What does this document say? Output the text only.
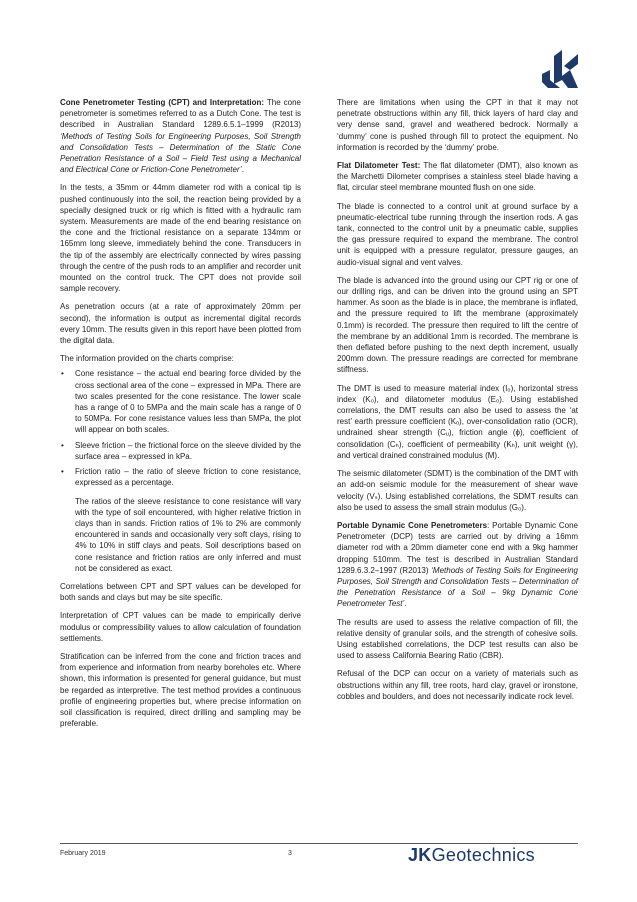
Cone Penetrometer Testing (CPT) and Interpretation: The cone penetrometer is sometimes referred to as a Dutch Cone. The test is described in Australian Standard 1289.6.5.1–1999 (R2013) ‘Methods of Testing Soils for Engineering Purposes, Soil Strength and Consolidation Tests – Determination of the Static Cone Penetration Resistance of a Soil – Field Test using a Mechanical and Electrical Cone or Friction-Cone Penetrometer’.

In the tests, a 35mm or 44mm diameter rod with a conical tip is pushed continuously into the soil, the reaction being provided by a specially designed truck or rig which is fitted with a hydraulic ram system. Measurements are made of the end bearing resistance on the cone and the frictional resistance on a separate 134mm or 165mm long sleeve, immediately behind the cone. Transducers in the tip of the assembly are electrically connected by wires passing through the centre of the push rods to an amplifier and recorder unit mounted on the control truck. The CPT does not provide soil sample recovery.

As penetration occurs (at a rate of approximately 20mm per second), the information is output as incremental digital records every 10mm. The results given in this report have been plotted from the digital data.

The information provided on the charts comprise:

• Cone resistance – the actual end bearing force divided by the cross sectional area of the cone – expressed in MPa. There are two scales presented for the cone resistance. The lower scale has a range of 0 to 5MPa and the main scale has a range of 0 to 50MPa. For cone resistance values less than 5MPa, the plot will appear on both scales.
• Sleeve friction – the frictional force on the sleeve divided by the surface area – expressed in kPa.
• Friction ratio – the ratio of sleeve friction to cone resistance, expressed as a percentage.

The ratios of the sleeve resistance to cone resistance will vary with the type of soil encountered, with higher relative friction in clays than in sands. Friction ratios of 1% to 2% are commonly encountered in sands and occasionally very soft clays, rising to 4% to 10% in stiff clays and peats. Soil descriptions based on cone resistance and friction ratios are only inferred and must not be considered as exact.

Correlations between CPT and SPT values can be developed for both sands and clays but may be site specific.

Interpretation of CPT values can be made to empirically derive modulus or compressibility values to allow calculation of foundation settlements.

Stratification can be inferred from the cone and friction traces and from experience and information from nearby boreholes etc. Where shown, this information is presented for general guidance, but must be regarded as interpretive. The test method provides a continuous profile of engineering properties but, where precise information on soil classification is required, direct drilling and sampling may be preferable.

There are limitations when using the CPT in that it may not penetrate obstructions within any fill, thick layers of hard clay and very dense sand, gravel and weathered bedrock. Normally a ‘dummy’ cone is pushed through fill to protect the equipment. No information is recorded by the ‘dummy’ probe.

Flat Dilatometer Test: The flat dilatometer (DMT), also known as the Marchetti Dilometer comprises a stainless steel blade having a flat, circular steel membrane mounted flush on one side.

The blade is connected to a control unit at ground surface by a pneumatic-electrical tube running through the insertion rods. A gas tank, connected to the control unit by a pneumatic cable, supplies the gas pressure required to expand the membrane. The control unit is equipped with a pressure regulator, pressure gauges, an audio-visual signal and vent valves.

The blade is advanced into the ground using our CPT rig or one of our drilling rigs, and can be driven into the ground using an SPT hammer. As soon as the blade is in place, the membrane is inflated, and the pressure required to lift the membrane (approximately 0.1mm) is recorded. The pressure then required to lift the centre of the membrane by an additional 1mm is recorded. The membrane is then deflated before pushing to the next depth increment, usually 200mm down. The pressure readings are corrected for membrane stiffness.

The DMT is used to measure material index (I₀), horizontal stress index (K₀), and dilatometer modulus (E₀). Using established correlations, the DMT results can also be used to assess the ‘at rest’ earth pressure coefficient (Kₒ), over-consolidation ratio (OCR), undrained shear strength (Cᵤ), friction angle (ϕ), coefficient of consolidation (Cₕ), coefficient of permeability (Kₕ), unit weight (γ), and vertical drained constrained modulus (M).

The seismic dilatometer (SDMT) is the combination of the DMT with an add-on seismic module for the measurement of shear wave velocity (Vₛ). Using established correlations, the SDMT results can also be used to assess the small strain modulus (G₀).

Portable Dynamic Cone Penetrometers: Portable Dynamic Cone Penetrometer (DCP) tests are carried out by driving a 16mm diameter rod with a 20mm diameter cone end with a 9kg hammer dropping 510mm. The test is described in Australian Standard 1289.6.3.2–1997 (R2013) ‘Methods of Testing Soils for Engineering Purposes, Soil Strength and Consolidation Tests – Determination of the Penetration Resistance of a Soil – 9kg Dynamic Cone Penetrometer Test’.

The results are used to assess the relative compaction of fill, the relative density of granular soils, and the strength of cohesive soils. Using established correlations, the DCP test results can also be used to assess California Bearing Ratio (CBR).

Refusal of the DCP can occur on a variety of materials such as obstructions within any fill, tree roots, hard clay, gravel or ironstone, cobbles and boulders, and does not necessarily indicate rock level.

February 2019	3	JKGeotechnics
